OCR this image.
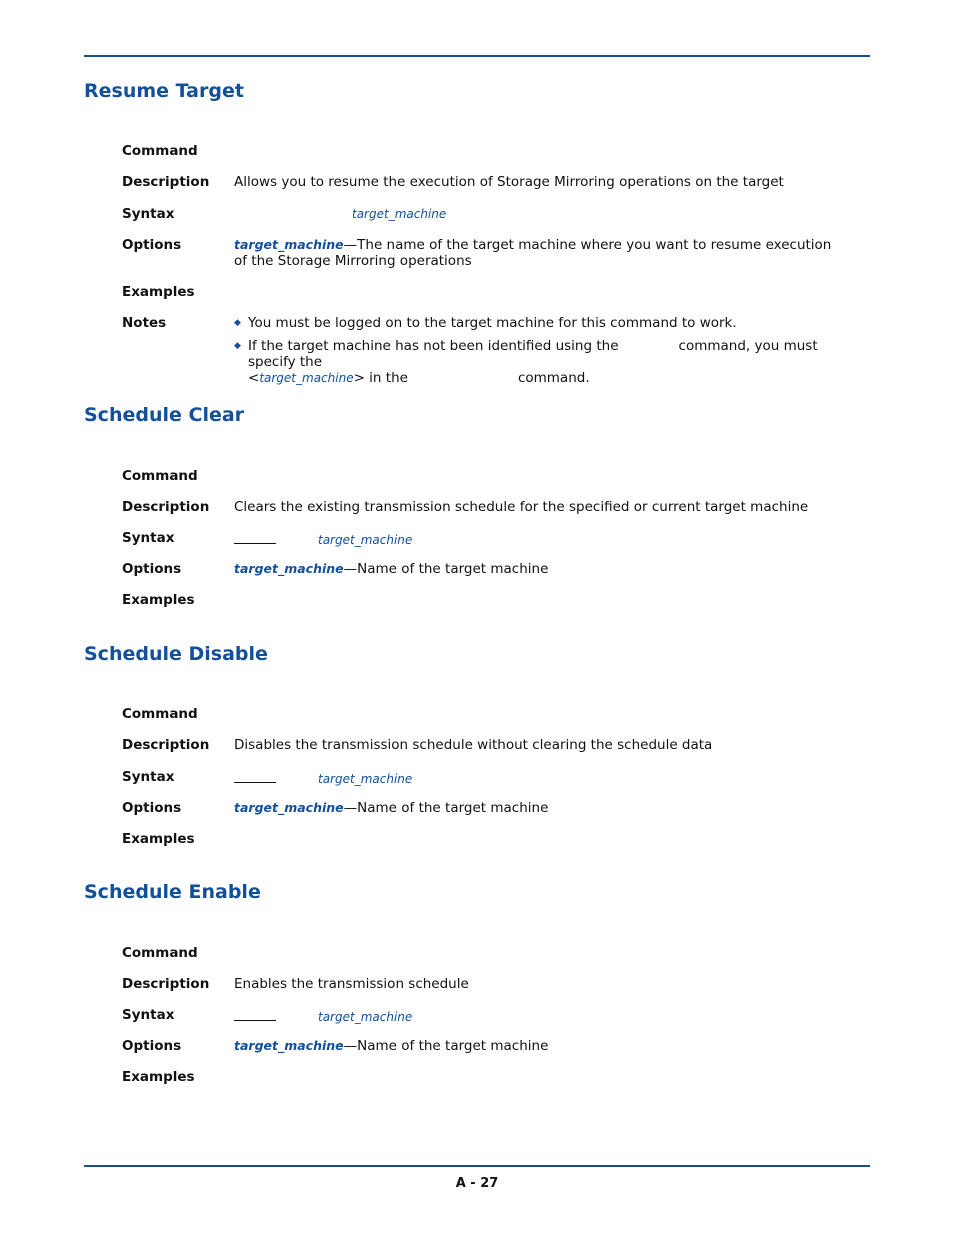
Resume Target
Command
Description Allows you to resume the execution of Storage Mirroring operations on the target
Syntax	target_machine
Options	target_machine—The name of the target machine where you want to resume execution of the Storage Mirroring operations
Examples
Notes	◆ You must be logged on to the target machine for this command to work.
◆ If the target machine has not been identified using the	command, you must specify the
<target_machine> in the	command.
Schedule Clear
Command
Description Clears the existing transmission schedule for the specified or current target machine
Syntax	target_machine
Options	target_machine—Name of the target machine
Examples
Schedule Disable
Command
Description Disables the transmission schedule without clearing the schedule data
Syntax	target_machine
Options	target_machine—Name of the target machine
Examples
Schedule Enable
Command
Description Enables the transmission schedule
Syntax	target_machine
Options	target_machine—Name of the target machine
Examples
A - 27
